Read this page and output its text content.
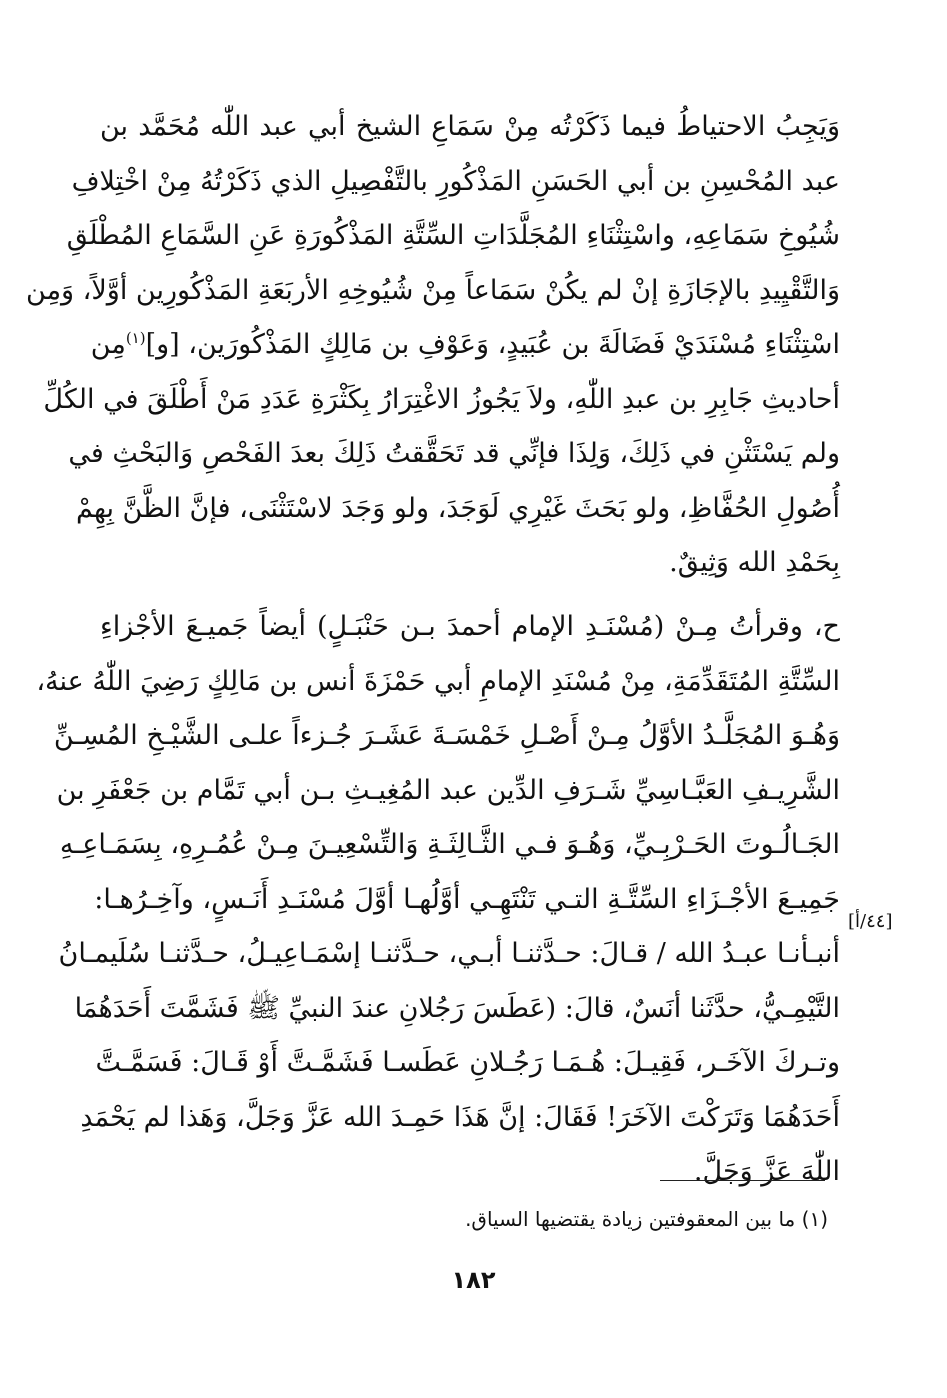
وَيَجِبُ الاحتياطُ فيما ذَكَرْتُه مِنْ سَمَاعِ الشيخ أبي عبد اللّٰه مُحَمَّد بن
عبد المُحْسِنِ بن أبي الحَسَنِ المَذْكُورِ بالتَّفْصِيلِ الذي ذَكَرْتُهُ مِنْ اخْتِلافِ
شُيُوخِ سَمَاعِهِ، واسْتِثْنَاءِ المُجَلَّدَاتِ السِّتَّةِ المَذْكُورَةِ عَنِ السَّمَاعِ المُطْلَقِ
وَالتَّقْيِيدِ بالإجَازَةِ إنْ لم يكُنْ سَمَاعاً مِنْ شُيُوخِهِ الأربَعَةِ المَذْكُورِين أوَّلاً، وَمِن
اسْتِثْنَاءِ مُسْنَدَيْ فَضَالَةَ بن عُبَيدٍ، وَعَوْفِ بن مَالِكٍ المَذْكُورَين، [و]$^{(١)}$مِن
أحاديثِ جَابِرِ بن عبدِ اللّٰهِ، ولاَ يَجُوزُ الاغْتِرَارُ بِكَثْرَةِ عَدَدِ مَنْ أَطْلَقَ في الكُلِّ
ولم يَسْتَثْنِ في ذَلِكَ، وَلِذَا فإنِّي قد تَحَقَّقتُ ذَلِكَ بعدَ الفَحْصِ وَالبَحْثِ في
أُصُولِ الحُفَّاظِ، ولو بَحَثَ غَيْرِي لَوَجَدَ، ولو وَجَدَ لاسْتَثْنَى، فإنَّ الظَّنَّ بِهِمْ
بِحَمْدِ الله وَثِيقٌ.
ح، وقرأتُ مِـنْ (مُسْنَـدِ الإمام أحمدَ بـن حَنْبَـلٍ) أيضاً جَميـعَ الأجْزاءِ
السِّتَّةِ المُتَقَدِّمَةِ، مِنْ مُسْنَدِ الإمامِ أبي حَمْزَةَ أنس بن مَالِكٍ رَضِيَ اللّٰهُ عنهُ،
وَهُـوَ المُجَلَّـدُ الأوَّلُ مِـنْ أَصْـلِ خَمْسَـةَ عَشَـرَ جُـزءاً علـى الشَّيْـخِ المُسِـنِّ
الشَّرِيـفِ العَبَّـاسِيِّ شَـرَفِ الدِّين عبد المُغِيـثِ بـن أبي تَمَّام بن جَعْفَرِ بن
الجَـالُـوتَ الحَـرْبِـيِّ، وَهُـوَ فـي الثَّـالِثَـةِ وَالتِّسْعِيـنَ مِـنْ عُمُـرِهِ، بِسَمَـاعِـهِ
جَمِيـعَ الأجْـزَاءِ السِّتَّـةِ التـي تَنْتَهِـي أوَّلُهـا أوَّلَ مُسْنَـدِ أَنَـسٍ، وآخِـرُهـا:
أنبـأنـا عبـدُ الله / قـالَ: حـدَّثنـا أبـي، حـدَّثنـا إسْمَـاعِيـلُ، حـدَّثنـا سُلَيمـانُ
التَّيْمِـيُّ، حدَّثَنا أنَسٌ، قالَ: (عَطَسَ رَجُلانِ عندَ النبيِّ ﷺ فَشَمَّتَ أَحَدَهُمَا
وتـركَ الآخَـر، فَقِيـلَ: هُـمَـا رَجُـلانِ عَطَسـا فَشَمَّـتَّ أَوْ قَـالَ: فَسَمَّـتَّ
أَحَدَهُمَا وَتَرَكْتَ الآخَرَ! فَقَالَ: إنَّ هَذَا حَمِـدَ الله عَزَّ وَجَلَّ، وَهَذا لم يَحْمَدِ
اللّٰهَ عَزَّ وَجَلَّ.
[٤٤/أ]
(١) ما بين المعقوفتين زيادة يقتضيها السياق.
١٨٢
